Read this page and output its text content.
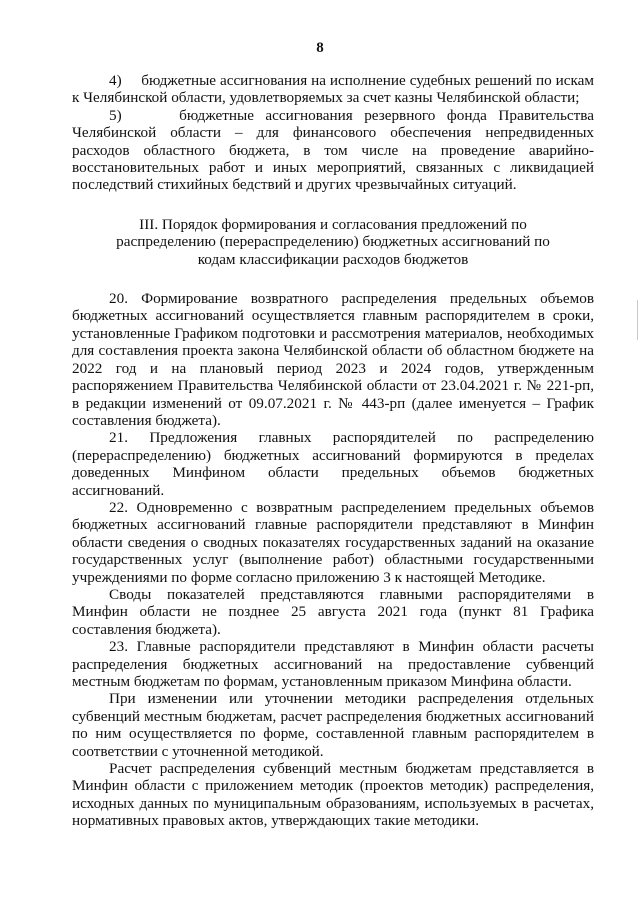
8

4)     бюджетные ассигнования на исполнение судебных решений по искам к Челябинской области, удовлетворяемых за счет казны Челябинской области;

5)     бюджетные ассигнования резервного фонда Правительства Челябинской области – для финансового обеспечения непредвиденных расходов областного бюджета, в том числе на проведение аварийно-восстановительных работ и иных мероприятий, связанных с ликвидацией последствий стихийных бедствий и других чрезвычайных ситуаций.

III. Порядок формирования и согласования предложений по распределению (перераспределению) бюджетных ассигнований по кодам классификации расходов бюджетов

20. Формирование возвратного распределения предельных объемов бюджетных ассигнований осуществляется главным распорядителем в сроки, установленные Графиком подготовки и рассмотрения материалов, необходимых для составления проекта закона Челябинской области об областном бюджете на 2022 год и на плановый период 2023 и 2024 годов, утвержденным распоряжением Правительства Челябинской области от 23.04.2021 г. № 221-рп, в редакции изменений от 09.07.2021 г. № 443-рп (далее именуется – График составления бюджета).

21. Предложения главных распорядителей по распределению (перераспределению) бюджетных ассигнований формируются в пределах доведенных Минфином области предельных объемов бюджетных ассигнований.

22. Одновременно с возвратным распределением предельных объемов бюджетных ассигнований главные распорядители представляют в Минфин области сведения о сводных показателях государственных заданий на оказание государственных услуг (выполнение работ) областными государственными учреждениями по форме согласно приложению 3 к настоящей Методике.

Своды показателей представляются главными распорядителями в Минфин области не позднее 25 августа 2021 года (пункт 81 Графика составления бюджета).

23. Главные распорядители представляют в Минфин области расчеты распределения бюджетных ассигнований на предоставление субвенций местным бюджетам по формам, установленным приказом Минфина области.

При изменении или уточнении методики распределения отдельных субвенций местным бюджетам, расчет распределения бюджетных ассигнований по ним осуществляется по форме, составленной главным распорядителем в соответствии с уточненной методикой.

Расчет распределения субвенций местным бюджетам представляется в Минфин области с приложением методик (проектов методик) распределения, исходных данных по муниципальным образованиям, используемых в расчетах, нормативных правовых актов, утверждающих такие методики.
